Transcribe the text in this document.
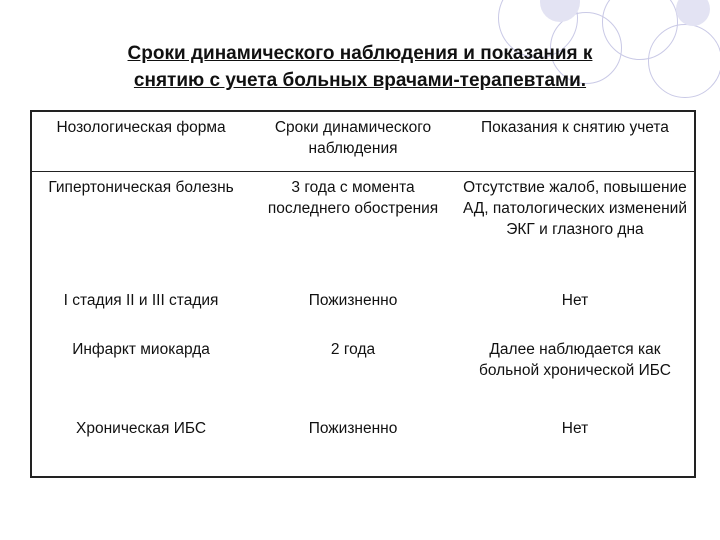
Сроки динамического наблюдения и показания к
снятию с учета больных врачами-терапевтами.
Нозологическая форма	Сроки динамического наблюдения	Показания к снятию учета
Гипертоническая болезнь	3 года с момента последнего обострения	Отсутствие жалоб, повышение АД, патологических изменений ЭКГ и глазного дна
I стадия II и III стадия	Пожизненно	Нет
Инфаркт миокарда	2 года	Далее наблюдается как больной хронической ИБС
Хроническая ИБС	Пожизненно	Нет
